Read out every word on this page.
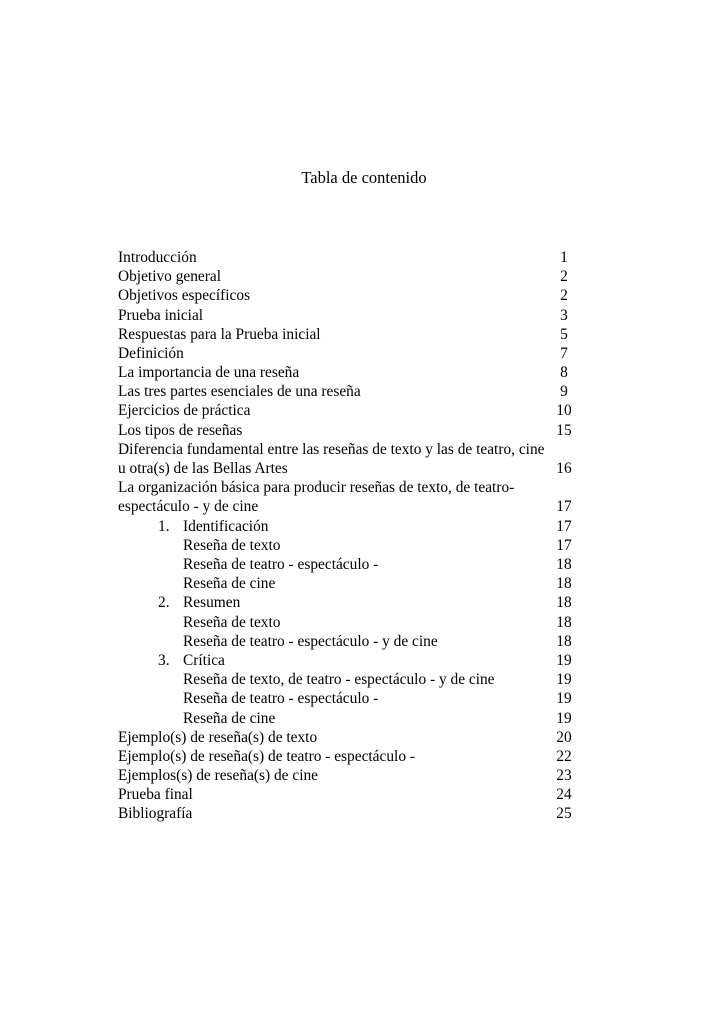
Tabla de contenido
Introducción	1
Objetivo general	2
Objetivos específicos	2
Prueba inicial	3
Respuestas para la Prueba inicial	5
Definición	7
La importancia de una reseña	8
Las tres partes esenciales de una reseña	9
Ejercicios de práctica	10
Los tipos de reseñas	15
Diferencia fundamental entre las reseñas de texto y las de teatro, cine u otra(s) de las Bellas Artes	16
La organización básica para producir reseñas de texto, de teatro- espectáculo - y de cine	17
1. Identificación	17
Reseña de texto	17
Reseña de teatro - espectáculo -	18
Reseña de cine	18
2. Resumen	18
Reseña de texto	18
Reseña de teatro - espectáculo - y de cine	18
3. Crítica	19
Reseña de texto, de teatro - espectáculo - y de cine	19
Reseña de teatro - espectáculo -	19
Reseña de cine	19
Ejemplo(s) de reseña(s) de texto	20
Ejemplo(s) de reseña(s) de teatro - espectáculo -	22
Ejemplos(s) de reseña(s) de cine	23
Prueba final	24
Bibliografía	25
